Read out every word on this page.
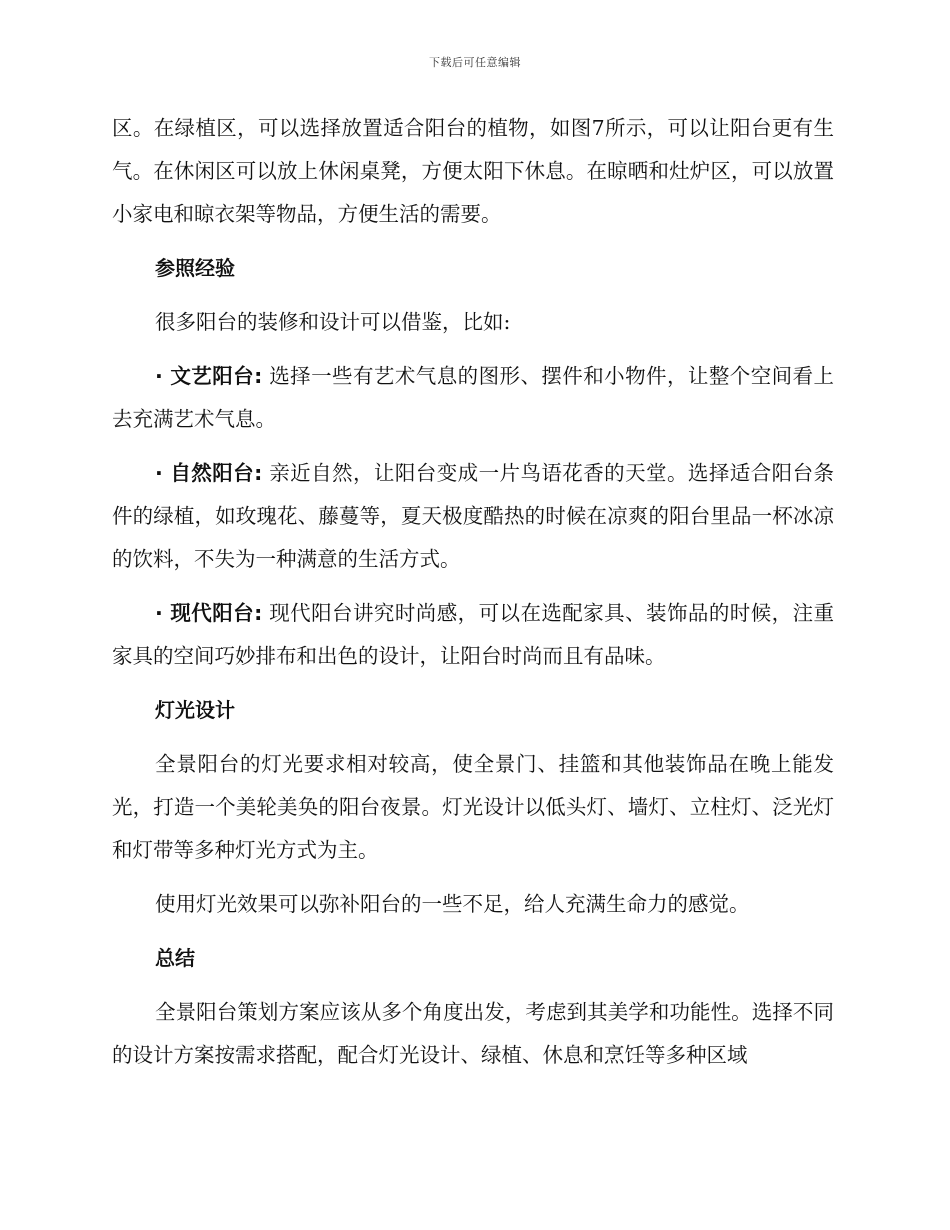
下载后可任意编辑

区。在绿植区，可以选择放置适合阳台的植物，如图7所示，可以让阳台更有生气。在休闲区可以放上休闲桌凳，方便太阳下休息。在晾晒和灶炉区，可以放置小家电和晾衣架等物品，方便生活的需要。

参照经验

很多阳台的装修和设计可以借鉴，比如:

· 文艺阳台: 选择一些有艺术气息的图形、摆件和小物件，让整个空间看上去充满艺术气息。

· 自然阳台: 亲近自然，让阳台变成一片鸟语花香的天堂。选择适合阳台条件的绿植，如玫瑰花、藤蔓等，夏天极度酷热的时候在凉爽的阳台里品一杯冰凉的饮料，不失为一种满意的生活方式。

· 现代阳台: 现代阳台讲究时尚感，可以在选配家具、装饰品的时候，注重家具的空间巧妙排布和出色的设计，让阳台时尚而且有品味。

灯光设计

全景阳台的灯光要求相对较高，使全景门、挂篮和其他装饰品在晚上能发光，打造一个美轮美奂的阳台夜景。灯光设计以低头灯、墙灯、立柱灯、泛光灯和灯带等多种灯光方式为主。

使用灯光效果可以弥补阳台的一些不足，给人充满生命力的感觉。

总结

全景阳台策划方案应该从多个角度出发，考虑到其美学和功能性。选择不同的设计方案按需求搭配，配合灯光设计、绿植、休息和烹饪等多种区域
